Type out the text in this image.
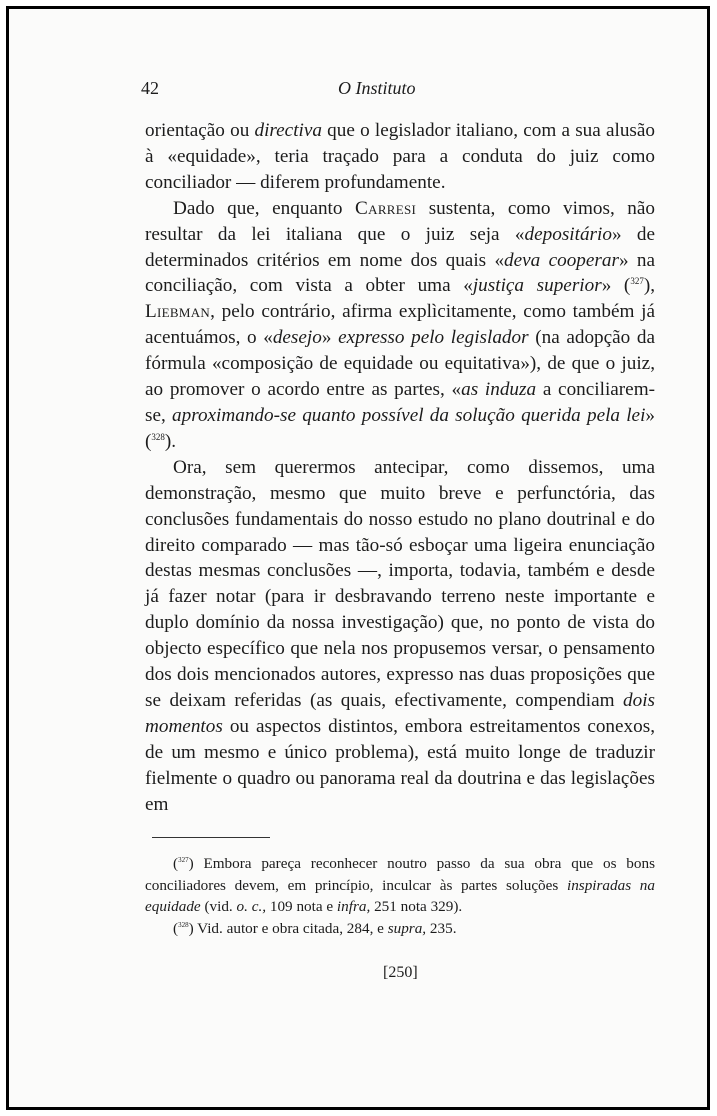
42	O Instituto

orientação ou directiva que o legislador italiano, com a sua alusão à «equidade», teria traçado para a conduta do juiz como conciliador — diferem profundamente.

Dado que, enquanto Carresi sustenta, como vimos, não resultar da lei italiana que o juiz seja «depositário» de determinados critérios em nome dos quais «deva cooperar» na conciliação, com vista a obter uma «justiça superior» ($^{327}$), Liebman, pelo contrário, afirma explìcitamente, como também já acentuámos, o «desejo» expresso pelo legislador (na adopção da fórmula «composição de equidade ou equitativa»), de que o juiz, ao promover o acordo entre as partes, «as induza a conciliarem-se, aproximando-se quanto possível da solução querida pela lei» ($^{328}$).

Ora, sem querermos antecipar, como dissemos, uma demonstração, mesmo que muito breve e perfunctória, das conclusões fundamentais do nosso estudo no plano doutrinal e do direito comparado — mas tão-só esboçar uma ligeira enunciação destas mesmas conclusões —, importa, todavia, também e desde já fazer notar (para ir desbravando terreno neste importante e duplo domínio da nossa investigação) que, no ponto de vista do objecto específico que nela nos propusemos versar, o pensamento dos dois mencionados autores, expresso nas duas proposições que se deixam referidas (as quais, efectivamente, compendiam dois momentos ou aspectos distintos, embora estreitamentos conexos, de um mesmo e único problema), está muito longe de traduzir fielmente o quadro ou panorama real da doutrina e das legislações em

($^{327}$) Embora pareça reconhecer noutro passo da sua obra que os bons conciliadores devem, em princípio, inculcar às partes soluções inspiradas na equidade (vid. o. c., 109 nota e infra, 251 nota 329).

($^{328}$) Vid. autor e obra citada, 284, e supra, 235.

[250]
